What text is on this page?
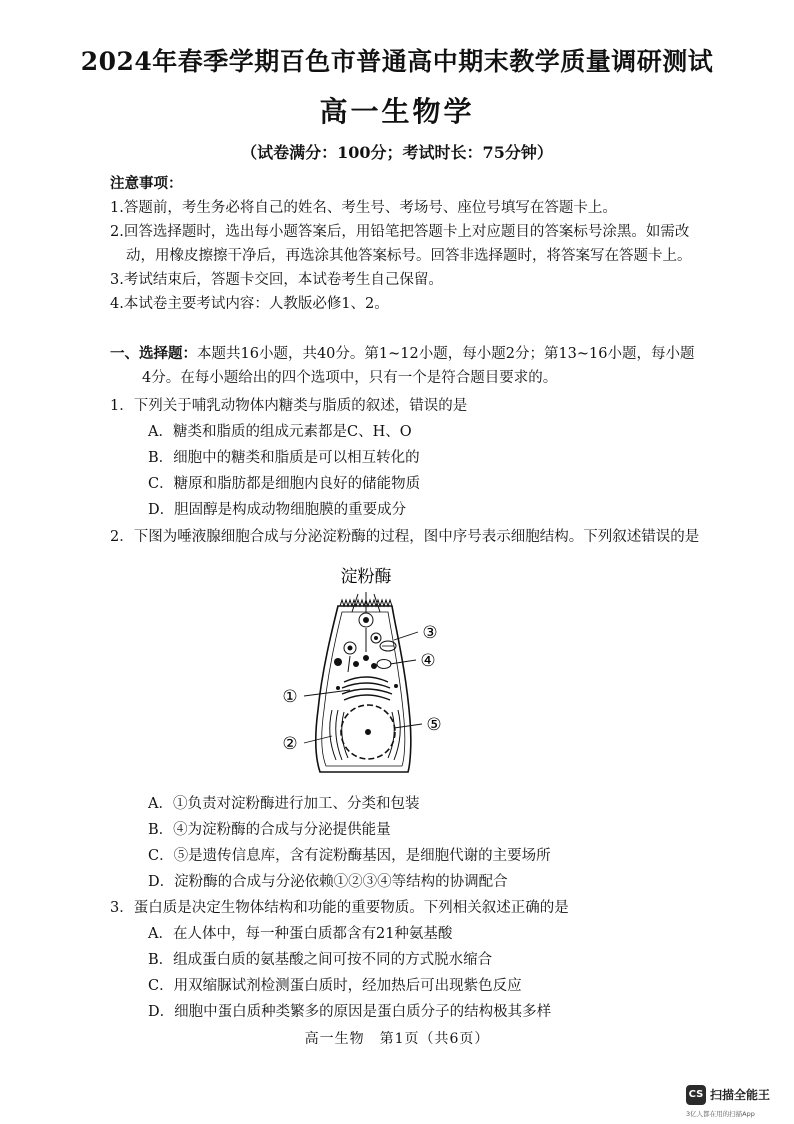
2024年春季学期百色市普通高中期末教学质量调研测试
高一生物学
（试卷满分：100分；考试时长：75分钟）
注意事项：
1.答题前，考生务必将自己的姓名、考生号、考场号、座位号填写在答题卡上。
2.回答选择题时，选出每小题答案后，用铅笔把答题卡上对应题目的答案标号涂黑。如需改
动，用橡皮擦擦干净后，再选涂其他答案标号。回答非选择题时，将答案写在答题卡上。
3.考试结束后，答题卡交回，本试卷考生自己保留。
4.本试卷主要考试内容：人教版必修1、2。
一、选择题：本题共16小题，共40分。第1~12小题，每小题2分；第13~16小题，每小题
4分。在每小题给出的四个选项中，只有一个是符合题目要求的。
1．下列关于哺乳动物体内糖类与脂质的叙述，错误的是
A．糖类和脂质的组成元素都是C、H、O
B．细胞中的糖类和脂质是可以相互转化的
C．糖原和脂肪都是细胞内良好的储能物质
D．胆固醇是构成动物细胞膜的重要成分
2．下图为唾液腺细胞合成与分泌淀粉酶的过程，图中序号表示细胞结构。下列叙述错误的是
淀粉酶
①
②
③
④
⑤
A．①负责对淀粉酶进行加工、分类和包装
B．④为淀粉酶的合成与分泌提供能量
C．⑤是遗传信息库，含有淀粉酶基因，是细胞代谢的主要场所
D．淀粉酶的合成与分泌依赖①②③④等结构的协调配合
3．蛋白质是决定生物体结构和功能的重要物质。下列相关叙述正确的是
A．在人体中，每一种蛋白质都含有21种氨基酸
B．组成蛋白质的氨基酸之间可按不同的方式脱水缩合
C．用双缩脲试剂检测蛋白质时，经加热后可出现紫色反应
D．细胞中蛋白质种类繁多的原因是蛋白质分子的结构极其多样
高一生物　第1页（共6页）
CS 扫描全能王
3亿人都在用的扫描App
